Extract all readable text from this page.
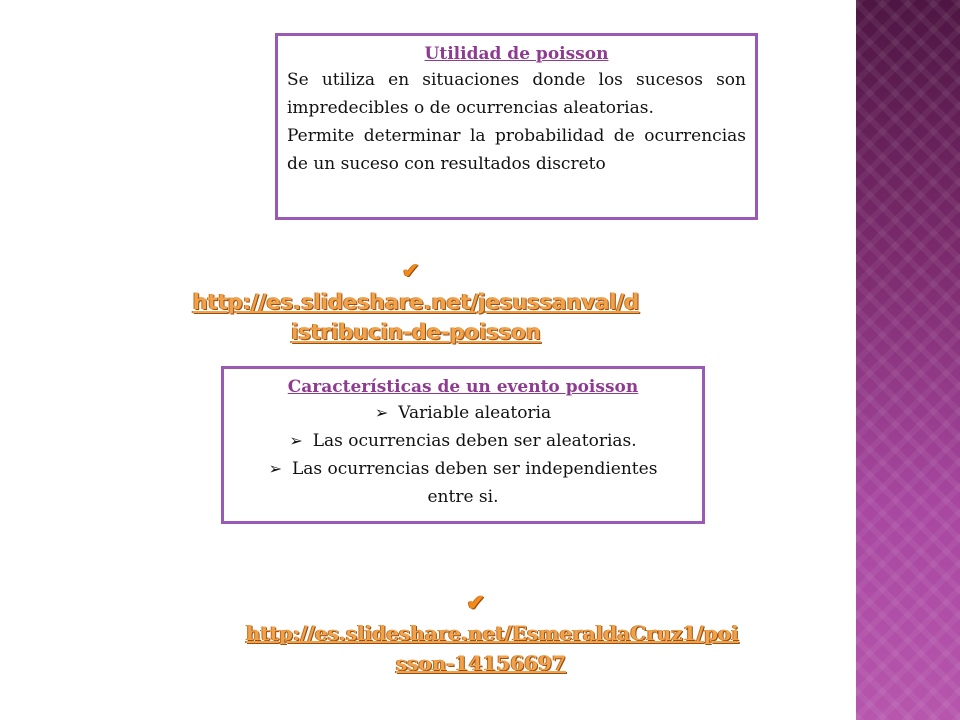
Utilidad de poisson

Se utiliza en situaciones donde los sucesos son impredecibles o de ocurrencias aleatorias.

Permite determinar la probabilidad de ocurrencias de un suceso con resultados discreto

✔http://es.slideshare.net/jesussanval/d
istribucin-de-poisson
Características de un evento poisson
➢ Variable aleatoria
➢ Las ocurrencias deben ser aleatorias.
➢ Las ocurrencias deben ser independientes
entre si.
✔http://es.slideshare.net/EsmeraldaCruz1/poi
sson-14156697
